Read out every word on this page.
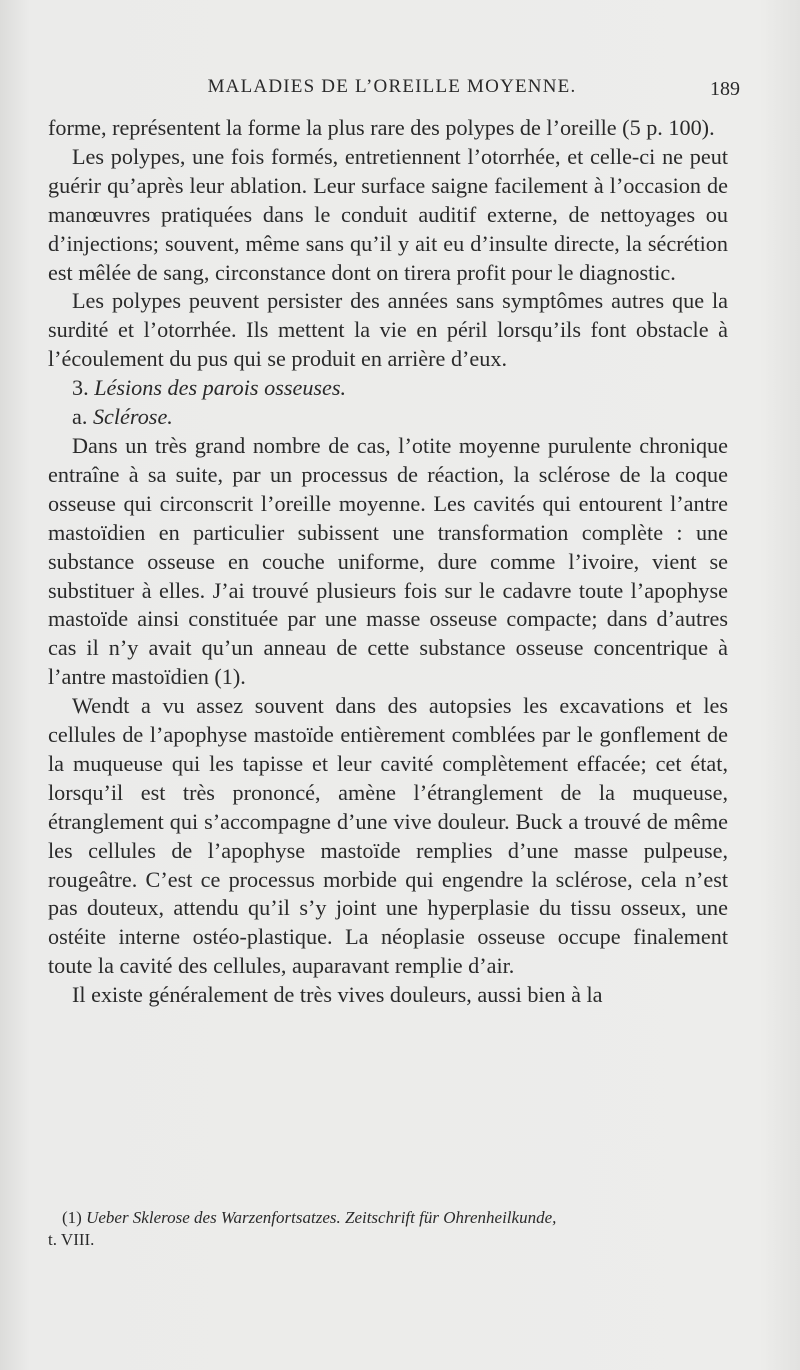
MALADIES DE L’OREILLE MOYENNE.	189

forme, représentent la forme la plus rare des polypes de l’oreille (5 p. 100).

Les polypes, une fois formés, entretiennent l’otorrhée, et celle-ci ne peut guérir qu’après leur ablation. Leur surface saigne facilement à l’occasion de manœuvres pratiquées dans le conduit auditif externe, de nettoyages ou d’injections; souvent, même sans qu’il y ait eu d’insulte directe, la sécrétion est mêlée de sang, circonstance dont on tirera profit pour le diagnostic.

Les polypes peuvent persister des années sans symptômes autres que la surdité et l’otorrhée. Ils mettent la vie en péril lorsqu’ils font obstacle à l’écoulement du pus qui se produit en arrière d’eux.

3. Lésions des parois osseuses.

a. Sclérose.

Dans un très grand nombre de cas, l’otite moyenne purulente chronique entraîne à sa suite, par un processus de réaction, la sclérose de la coque osseuse qui circonscrit l’oreille moyenne. Les cavités qui entourent l’antre mastoïdien en particulier subissent une transformation complète : une substance osseuse en couche uniforme, dure comme l’ivoire, vient se substituer à elles. J’ai trouvé plusieurs fois sur le cadavre toute l’apophyse mastoïde ainsi constituée par une masse osseuse compacte; dans d’autres cas il n’y avait qu’un anneau de cette substance osseuse concentrique à l’antre mastoïdien (1).

Wendt a vu assez souvent dans des autopsies les excavations et les cellules de l’apophyse mastoïde entièrement comblées par le gonflement de la muqueuse qui les tapisse et leur cavité complètement effacée; cet état, lorsqu’il est très prononcé, amène l’étranglement de la muqueuse, étranglement qui s’accompagne d’une vive douleur. Buck a trouvé de même les cellules de l’apophyse mastoïde remplies d’une masse pulpeuse, rougeâtre. C’est ce processus morbide qui engendre la sclérose, cela n’est pas douteux, attendu qu’il s’y joint une hyperplasie du tissu osseux, une ostéite interne ostéo-plastique. La néoplasie osseuse occupe finalement toute la cavité des cellules, auparavant remplie d’air.

Il existe généralement de très vives douleurs, aussi bien à la

(1) Ueber Sklerose des Warzenfortsatzes. Zeitschrift für Ohrenheilkunde,
t. VIII.
